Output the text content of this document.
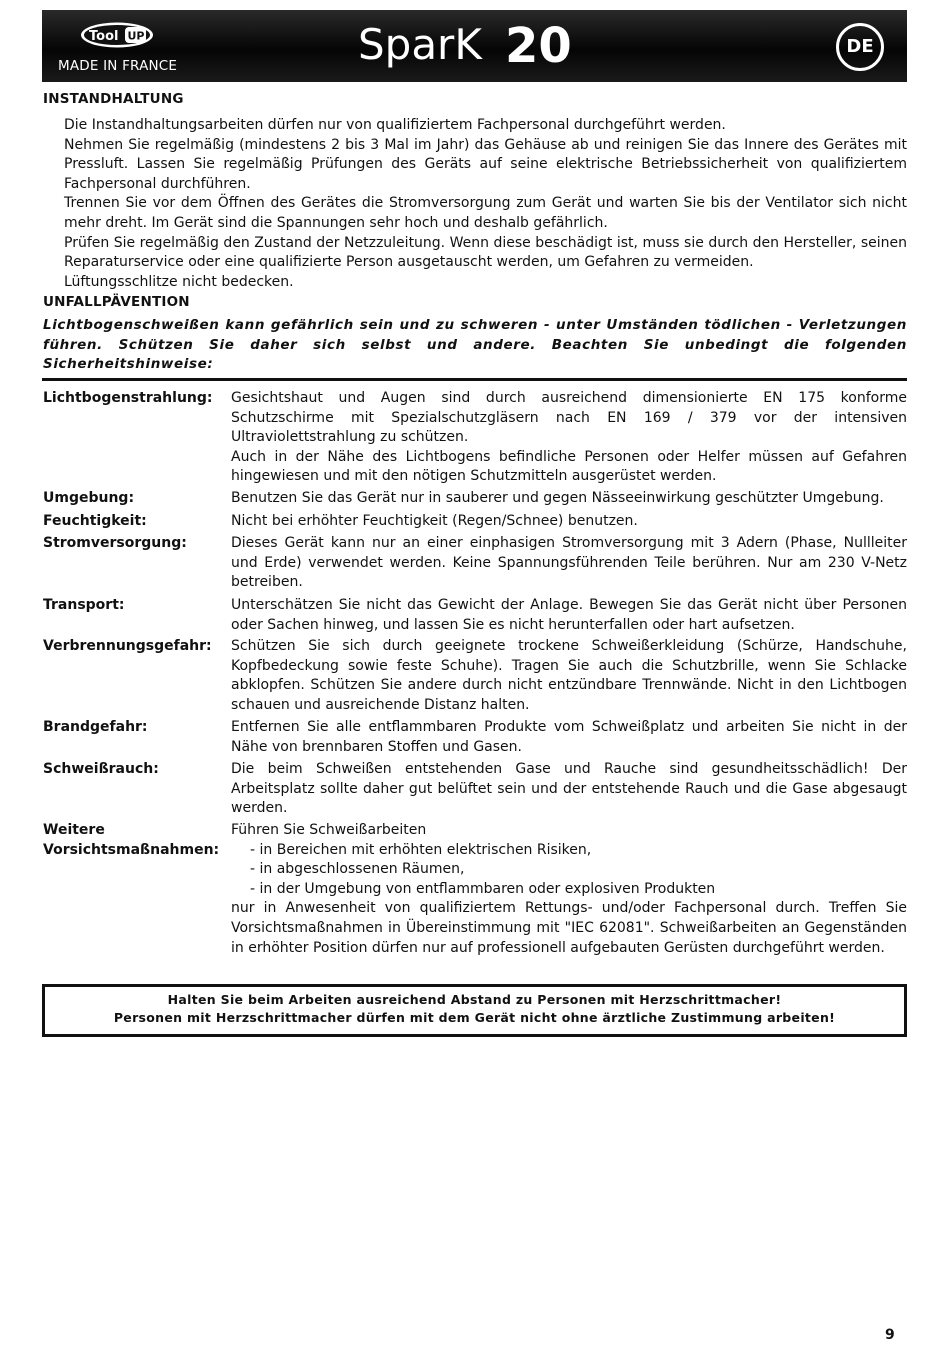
Tool UP
MADE IN FRANCE	SparK 20	DE
INSTANDHALTUNG

Die Instandhaltungsarbeiten dürfen nur von qualifiziertem Fachpersonal durchgeführt werden.

Nehmen Sie regelmäßig (mindestens 2 bis 3 Mal im Jahr) das Gehäuse ab und reinigen Sie das Innere des Gerätes mit Pressluft. Lassen Sie regelmäßig Prüfungen des Geräts auf seine elektrische Betriebssicherheit von qualifiziertem Fachpersonal durchführen.

Trennen Sie vor dem Öffnen des Gerätes die Stromversorgung zum Gerät und warten Sie bis der Ventilator sich nicht mehr dreht. Im Gerät sind die Spannungen sehr hoch und deshalb gefährlich.

Prüfen Sie regelmäßig den Zustand der Netzzuleitung. Wenn diese beschädigt ist, muss sie durch den Hersteller, seinen Reparaturservice oder eine qualifizierte Person ausgetauscht werden, um Gefahren zu vermeiden.

Lüftungsschlitze nicht bedecken.

UNFALLPÄVENTION
Lichtbogenschweißen kann gefährlich sein und zu schweren - unter Umständen tödlichen - Verletzungen führen. Schützen Sie daher sich selbst und andere. Beachten Sie unbedingt die folgenden Sicherheitshinweise:
Lichtbogenstrahlung:	Gesichtshaut und Augen sind durch ausreichend dimensionierte EN 175 konforme Schutzschirme mit Spezialschutzgläsern nach EN 169 / 379 vor der intensiven Ultraviolettstrahlung zu schützen.

Auch in der Nähe des Lichtbogens befindliche Personen oder Helfer müssen auf Gefahren hingewiesen und mit den nötigen Schutzmitteln ausgerüstet werden.

Umgebung:	Benutzen Sie das Gerät nur in sauberer und gegen Nässeeinwirkung geschützter Umgebung.

Feuchtigkeit:	Nicht bei erhöhter Feuchtigkeit (Regen/Schnee) benutzen.

Stromversorgung:	Dieses Gerät kann nur an einer einphasigen Stromversorgung mit 3 Adern (Phase, Nullleiter und Erde) verwendet werden. Keine Spannungsführenden Teile berühren. Nur am 230 V-Netz betreiben.

Transport:	Unterschätzen Sie nicht das Gewicht der Anlage. Bewegen Sie das Gerät nicht über Personen oder Sachen hinweg, und lassen Sie es nicht herunterfallen oder hart aufsetzen.

Verbrennungsgefahr:	Schützen Sie sich durch geeignete trockene Schweißerkleidung (Schürze, Handschuhe, Kopfbedeckung sowie feste Schuhe). Tragen Sie auch die Schutzbrille, wenn Sie Schlacke abklopfen. Schützen Sie andere durch nicht entzündbare Trennwände. Nicht in den Lichtbogen schauen und ausreichende Distanz halten.

Brandgefahr:	Entfernen Sie alle entflammbaren Produkte vom Schweißplatz und arbeiten Sie nicht in der Nähe von brennbaren Stoffen und Gasen.

Schweißrauch:	Die beim Schweißen entstehenden Gase und Rauche sind gesundheitsschädlich! Der Arbeitsplatz sollte daher gut belüftet sein und der entstehende Rauch und die Gase abgesaugt werden.

Weitere
Vorsichtsmaßnahmen:

Führen Sie Schweißarbeiten

- in Bereichen mit erhöhten elektrischen Risiken,

- in abgeschlossenen Räumen,

- in der Umgebung von entflammbaren oder explosiven Produkten

nur in Anwesenheit von qualifiziertem Rettungs- und/oder Fachpersonal durch. Treffen Sie Vorsichtsmaßnahmen in Übereinstimmung mit "IEC 62081". Schweißarbeiten an Gegenständen in erhöhter Position dürfen nur auf professionell aufgebauten Gerüsten durchgeführt werden.

Halten Sie beim Arbeiten ausreichend Abstand zu Personen mit Herzschrittmacher!
Personen mit Herzschrittmacher dürfen mit dem Gerät nicht ohne ärztliche Zustimmung arbeiten!
9
